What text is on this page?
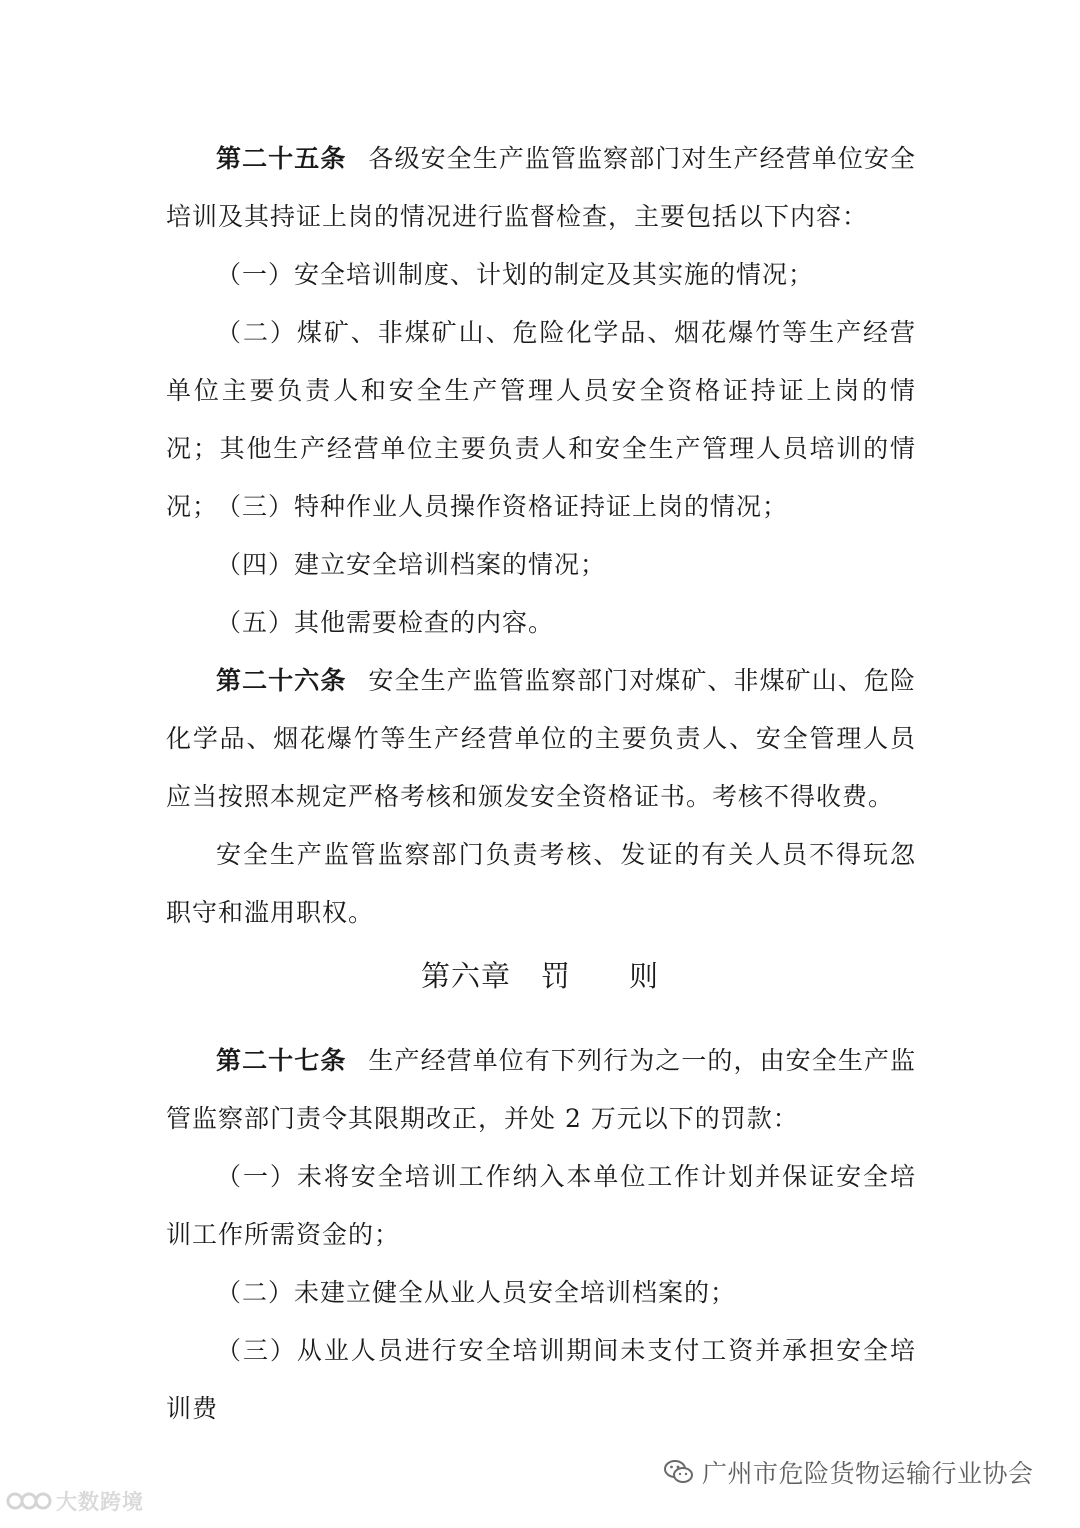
第二十五条 各级安全生产监管监察部门对生产经营单位安全培训及其持证上岗的情况进行监督检查，主要包括以下内容：

（一）安全培训制度、计划的制定及其实施的情况；

（二）煤矿、非煤矿山、危险化学品、烟花爆竹等生产经营单位主要负责人和安全生产管理人员安全资格证持证上岗的情况；其他生产经营单位主要负责人和安全生产管理人员培训的情况；

（三）特种作业人员操作资格证持证上岗的情况；

（四）建立安全培训档案的情况；

（五）其他需要检查的内容。

第二十六条 安全生产监管监察部门对煤矿、非煤矿山、危险化学品、烟花爆竹等生产经营单位的主要负责人、安全管理人员应当按照本规定严格考核和颁发安全资格证书。考核不得收费。

安全生产监管监察部门负责考核、发证的有关人员不得玩忽职守和滥用职权。

第六章 罚 则

第二十七条 生产经营单位有下列行为之一的，由安全生产监管监察部门责令其限期改正，并处 2 万元以下的罚款：

（一）未将安全培训工作纳入本单位工作计划并保证安全培训工作所需资金的；

（二）未建立健全从业人员安全培训档案的；

（三）从业人员进行安全培训期间未支付工资并承担安全培训费

广州市危险货物运输行业协会
大数跨境
